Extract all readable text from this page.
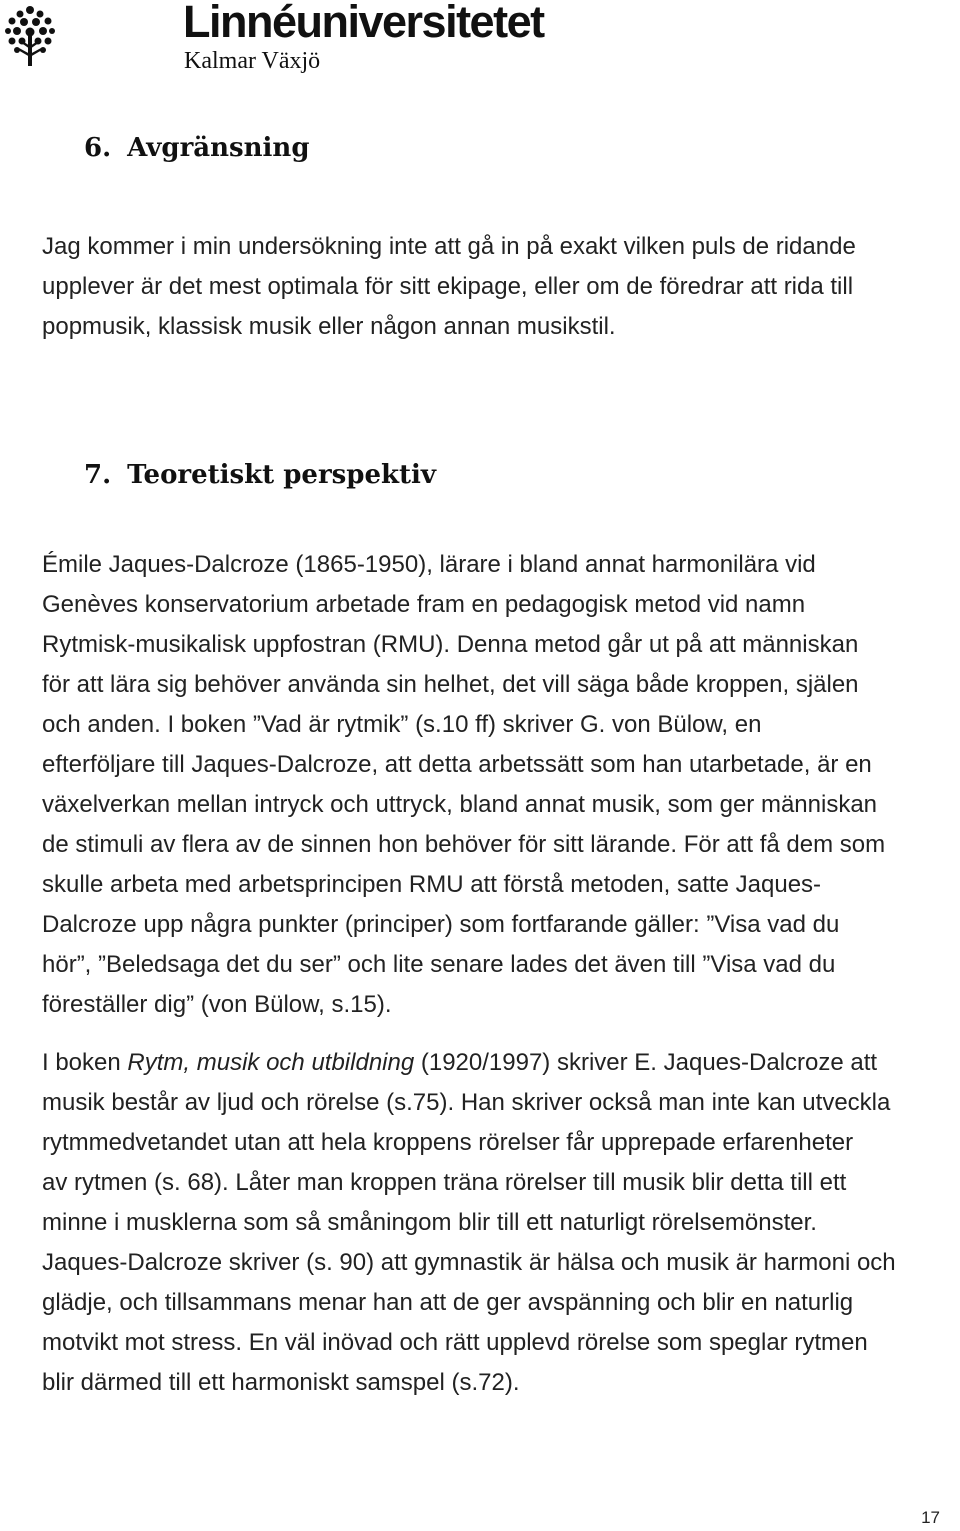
Linnéuniversitetet
Kalmar Växjö
6. Avgränsning
Jag kommer i min undersökning inte att gå in på exakt vilken puls de ridande
upplever är det mest optimala för sitt ekipage, eller om de föredrar att rida till
popmusik, klassisk musik eller någon annan musikstil.
7. Teoretiskt perspektiv
Émile Jaques-Dalcroze (1865-1950), lärare i bland annat harmonilära vid
Genèves konservatorium arbetade fram en pedagogisk metod vid namn
Rytmisk-musikalisk uppfostran (RMU). Denna metod går ut på att människan
för att lära sig behöver använda sin helhet, det vill säga både kroppen, själen
och anden. I boken ”Vad är rytmik” (s.10 ff) skriver G. von Bülow, en
efterföljare till Jaques-Dalcroze, att detta arbetssätt som han utarbetade, är en
växelverkan mellan intryck och uttryck, bland annat musik, som ger människan
de stimuli av flera av de sinnen hon behöver för sitt lärande. För att få dem som
skulle arbeta med arbetsprincipen RMU att förstå metoden, satte Jaques-
Dalcroze upp några punkter (principer) som fortfarande gäller: ”Visa vad du
hör”, ”Beledsaga det du ser” och lite senare lades det även till ”Visa vad du
föreställer dig” (von Bülow, s.15).
I boken Rytm, musik och utbildning (1920/1997) skriver E. Jaques-Dalcroze att
musik består av ljud och rörelse (s.75). Han skriver också man inte kan utveckla
rytmmedvetandet utan att hela kroppens rörelser får upprepade erfarenheter
av rytmen (s. 68). Låter man kroppen träna rörelser till musik blir detta till ett
minne i musklerna som så småningom blir till ett naturligt rörelsemönster.
Jaques-Dalcroze skriver (s. 90) att gymnastik är hälsa och musik är harmoni och
glädje, och tillsammans menar han att de ger avspänning och blir en naturlig
motvikt mot stress. En väl inövad och rätt upplevd rörelse som speglar rytmen
blir därmed till ett harmoniskt samspel (s.72).
17
